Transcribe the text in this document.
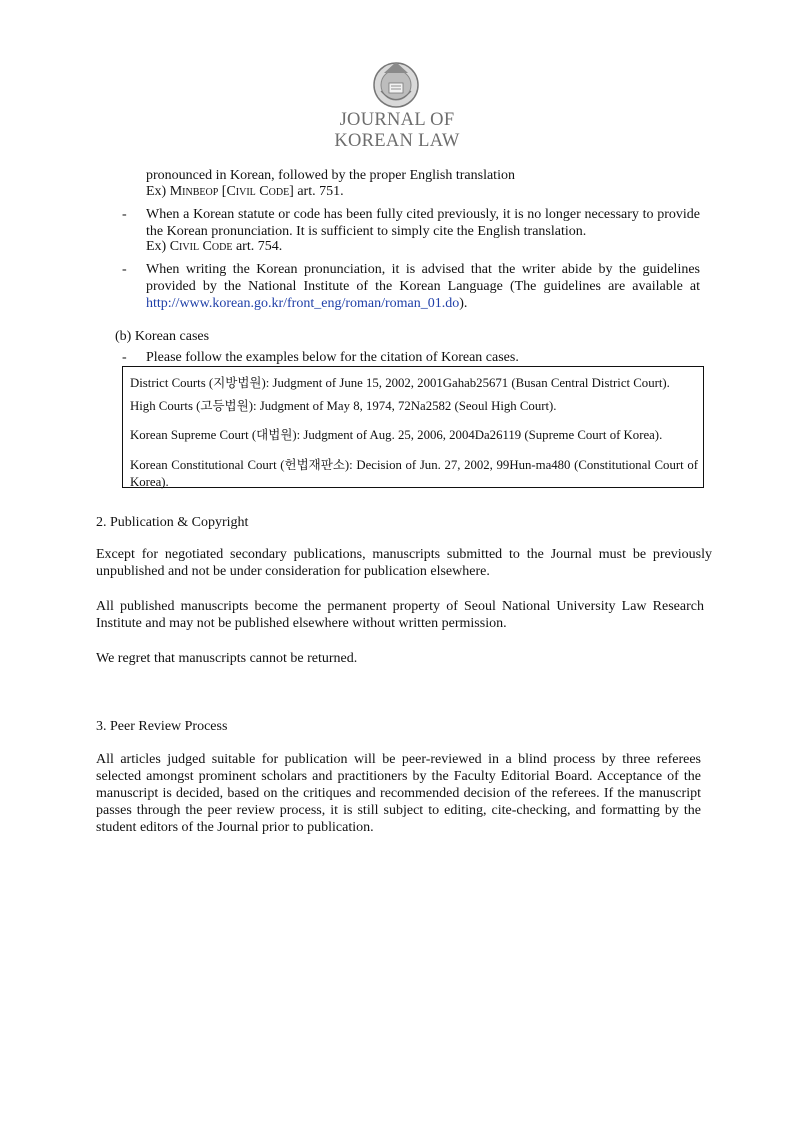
JOURNAL OF
KOREAN LAW
pronounced in Korean, followed by the proper English translation
Ex) Minbeop [Civil Code] art. 751.
- When a Korean statute or code has been fully cited previously, it is no longer necessary to provide the Korean pronunciation. It is sufficient to simply cite the English translation.
Ex) Civil Code art. 754.
- When writing the Korean pronunciation, it is advised that the writer abide by the guidelines provided by the National Institute of the Korean Language (The guidelines are available at http://www.korean.go.kr/front_eng/roman/roman_01.do).
(b) Korean cases
- Please follow the examples below for the citation of Korean cases.
District Courts (지방법원): Judgment of June 15, 2002, 2001Gahab25671 (Busan Central District Court).
High Courts (고등법원): Judgment of May 8, 1974, 72Na2582 (Seoul High Court).
Korean Supreme Court (대법원): Judgment of Aug. 25, 2006, 2004Da26119 (Supreme Court of Korea).
Korean Constitutional Court (헌법재판소): Decision of Jun. 27, 2002, 99Hun-ma480 (Constitutional Court of Korea).
2. Publication & Copyright
Except for negotiated secondary publications, manuscripts submitted to the Journal must be previously unpublished and not be under consideration for publication elsewhere.
All published manuscripts become the permanent property of Seoul National University Law Research Institute and may not be published elsewhere without written permission.
We regret that manuscripts cannot be returned.
3. Peer Review Process
All articles judged suitable for publication will be peer-reviewed in a blind process by three referees selected amongst prominent scholars and practitioners by the Faculty Editorial Board. Acceptance of the manuscript is decided, based on the critiques and recommended decision of the referees. If the manuscript passes through the peer review process, it is still subject to editing, cite-checking, and formatting by the student editors of the Journal prior to publication.
